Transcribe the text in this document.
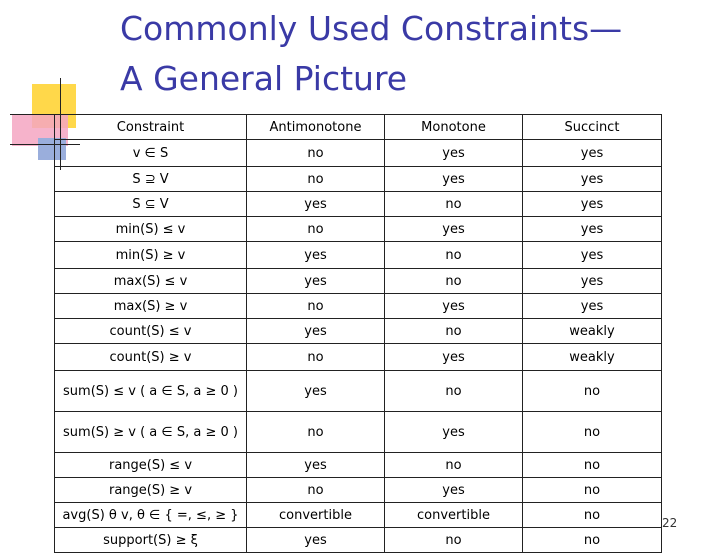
Commonly Used Constraints—
A General Picture
Constraint	Antimonotone	Monotone	Succinct
v ∈ S	no	yes	yes
S ⊇ V	no	yes	yes
S ⊆ V	yes	no	yes
min(S) ≤ v	no	yes	yes
min(S) ≥ v	yes	no	yes
max(S) ≤ v	yes	no	yes
max(S) ≥ v	no	yes	yes
count(S) ≤ v	yes	no	weakly
count(S) ≥ v	no	yes	weakly
sum(S) ≤ v ( a ∈ S, a ≥ 0 )	yes	no	no
sum(S) ≥ v ( a ∈ S, a ≥ 0 )	no	yes	no
range(S) ≤ v	yes	no	no
range(S) ≥ v	no	yes	no
avg(S) θ v, θ ∈ { =, ≤, ≥ }	convertible	convertible	no
support(S) ≥ ξ	yes	no	no
22
